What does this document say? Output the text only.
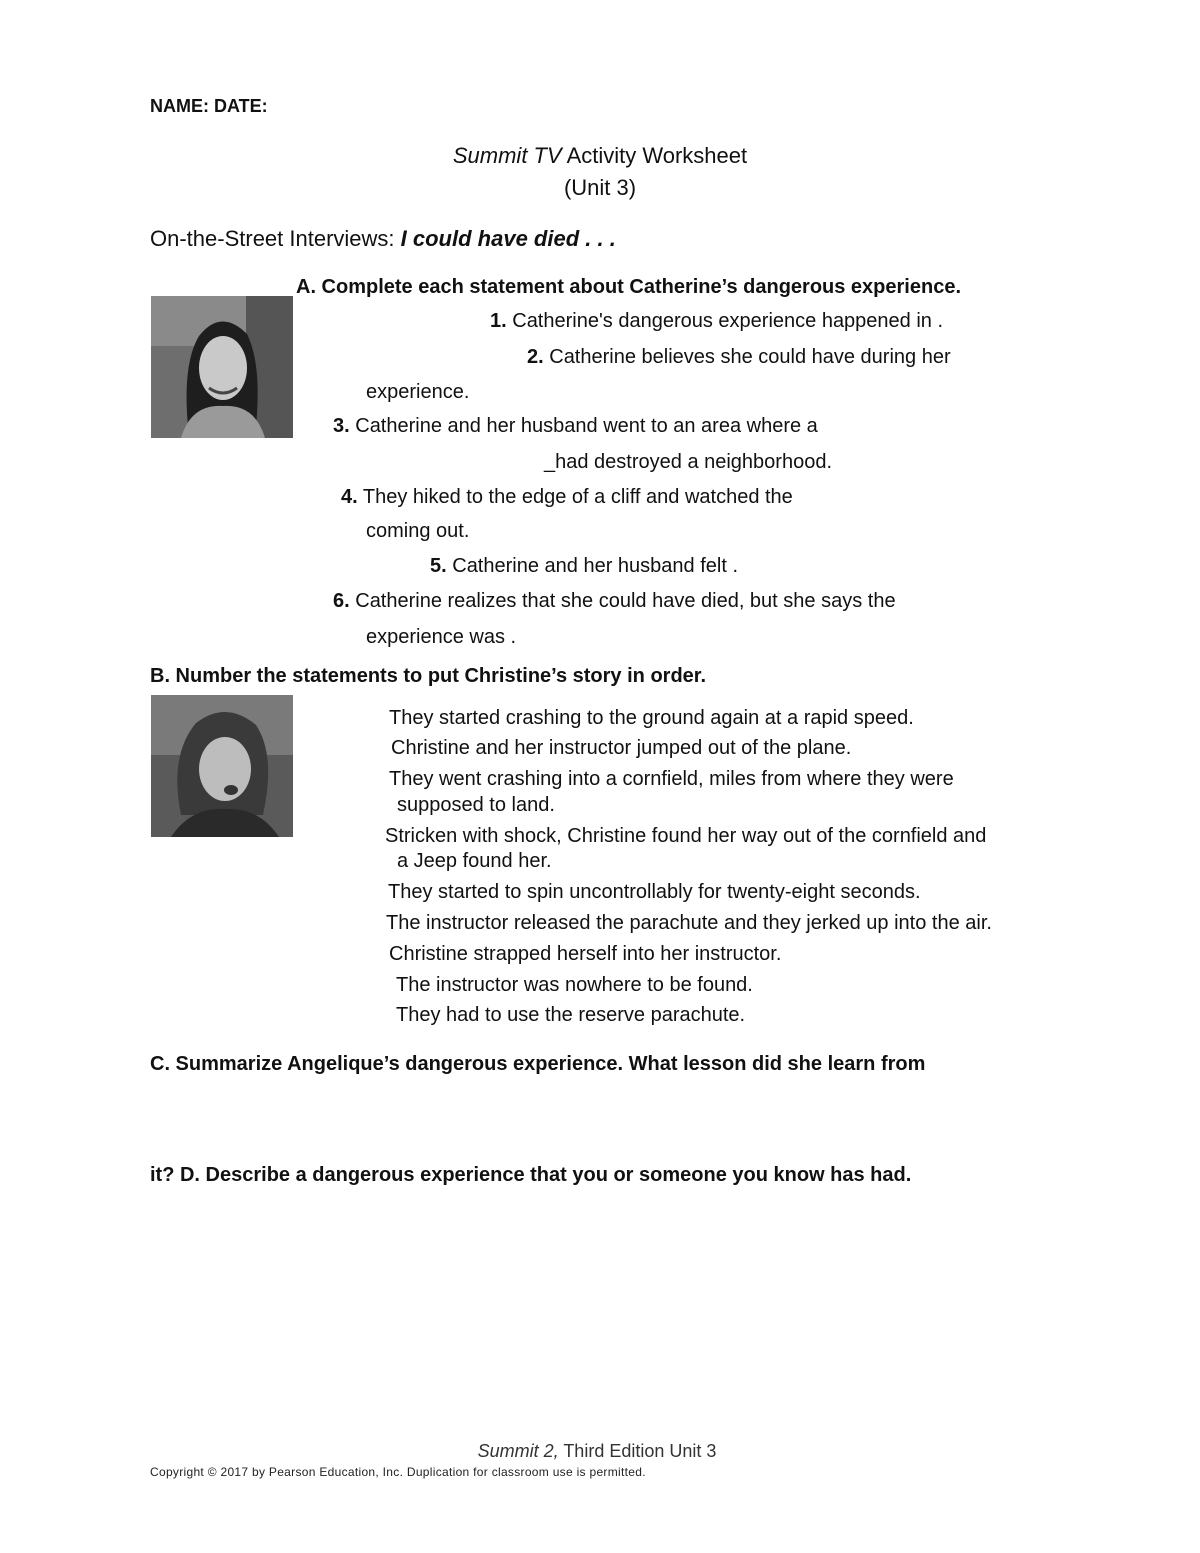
NAME: DATE:
Summit TV Activity Worksheet
(Unit 3)
On-the-Street Interviews: I could have died . . .
A. Complete each statement about Catherine’s dangerous experience.
1. Catherine's dangerous experience happened in .
2. Catherine believes she could have during her
experience.
3. Catherine and her husband went to an area where a
_had destroyed a neighborhood.
4. They hiked to the edge of a cliff and watched the
coming out.
5. Catherine and her husband felt .
6. Catherine realizes that she could have died, but she says the
experience was .
B. Number the statements to put Christine’s story in order.
They started crashing to the ground again at a rapid speed.
Christine and her instructor jumped out of the plane.
They went crashing into a cornfield, miles from where they were
supposed to land.
Stricken with shock, Christine found her way out of the cornfield and
a Jeep found her.
They started to spin uncontrollably for twenty-eight seconds.
The instructor released the parachute and they jerked up into the air.
Christine strapped herself into her instructor.
The instructor was nowhere to be found.
They had to use the reserve parachute.
C. Summarize Angelique’s dangerous experience. What lesson did she learn from
it? D. Describe a dangerous experience that you or someone you know has had.
Summit 2, Third Edition Unit 3
Copyright © 2017 by Pearson Education, Inc. Duplication for classroom use is permitted.
